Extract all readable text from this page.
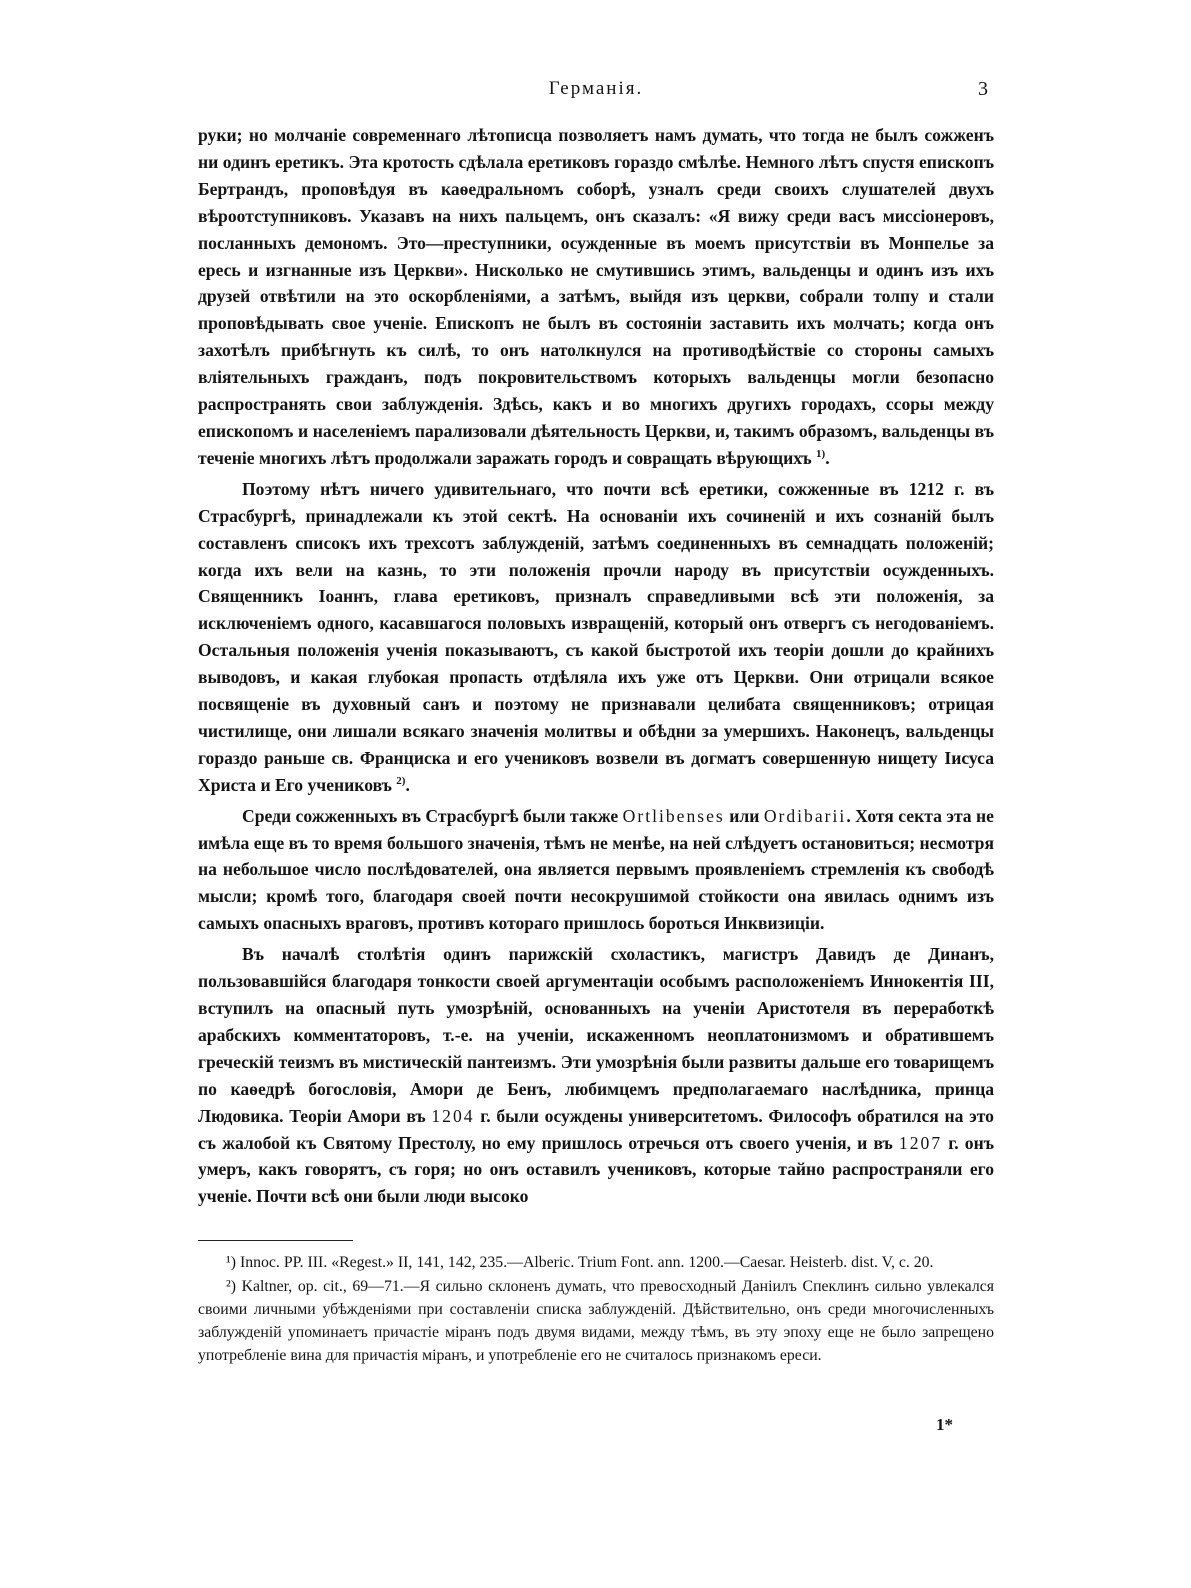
Германія.	3

руки; но молчаніе современнаго лѣтописца позволяетъ намъ думать, что тогда не былъ сожженъ ни одинъ еретикъ. Эта кротость сдѣлала еретиковъ гораздо смѣлѣе. Немного лѣтъ спустя епископъ Бертрандъ, проповѣдуя въ каѳедральномъ соборѣ, узналъ среди своихъ слушателей двухъ вѣроотступниковъ. Указавъ на нихъ пальцемъ, онъ сказалъ: «Я вижу среди васъ миссіонеровъ, посланныхъ демономъ. Это—преступники, осужденные въ моемъ присутствіи въ Монпелье за ересь и изгнанные изъ Церкви». Нисколько не смутившись этимъ, вальденцы и одинъ изъ ихъ друзей отвѣтили на это оскорбленіями, а затѣмъ, выйдя изъ церкви, собрали толпу и стали проповѣдывать свое ученіе. Епископъ не былъ въ состояніи заставить ихъ молчать; когда онъ захотѣлъ прибѣгнуть къ силѣ, то онъ натолкнулся на противодѣйствіе со стороны самыхъ вліятельныхъ гражданъ, подъ покровительствомъ которыхъ вальденцы могли безопасно распространять свои заблужденія. Здѣсь, какъ и во многихъ другихъ городахъ, ссоры между епископомъ и населеніемъ парализовали дѣятельность Церкви, и, такимъ образомъ, вальденцы въ теченіе многихъ лѣтъ продолжали заражать городъ и совращать вѣрующихъ $^{1)}$.

Поэтому нѣтъ ничего удивительнаго, что почти всѣ еретики, сожженные въ 1212 г. въ Страсбургѣ, принадлежали къ этой сектѣ. На основаніи ихъ сочиненій и ихъ сознаній былъ составленъ списокъ ихъ трехсотъ заблужденій, затѣмъ соединенныхъ въ семнадцать положеній; когда ихъ вели на казнь, то эти положенія прочли народу въ присутствіи осужденныхъ. Священникъ Іоаннъ, глава еретиковъ, призналъ справедливыми всѣ эти положенія, за исключеніемъ одного, касавшагося половыхъ извращеній, который онъ отвергъ съ негодованіемъ. Остальныя положенія ученія показываютъ, съ какой быстротой ихъ теоріи дошли до крайнихъ выводовъ, и какая глубокая пропасть отдѣляла ихъ уже отъ Церкви. Они отрицали всякое посвященіе въ духовный санъ и поэтому не признавали целибата священниковъ; отрицая чистилище, они лишали всякаго значенія молитвы и обѣдни за умершихъ. Наконецъ, вальденцы гораздо раньше св. Франциска и его учениковъ возвели въ догматъ совершенную нищету Іисуса Христа и Его учениковъ $^{2)}$.

Среди сожженныхъ въ Страсбургѣ были также Ortlibenses или Ordibarii. Хотя секта эта не имѣла еще въ то время большого значенія, тѣмъ не менѣе, на ней слѣдуетъ остановиться; несмотря на небольшое число послѣдователей, она является первымъ проявленіемъ стремленія къ свободѣ мысли; кромѣ того, благодаря своей почти несокрушимой стойкости она явилась однимъ изъ самыхъ опасныхъ враговъ, противъ котораго пришлось бороться Инквизиціи.

Въ началѣ столѣтія одинъ парижскій схоластикъ, магистръ Давидъ де Динанъ, пользовавшійся благодаря тонкости своей аргументаціи особымъ расположеніемъ Иннокентія III, вступилъ на опасный путь умозрѣній, основанныхъ на ученіи Аристотеля въ переработкѣ арабскихъ комментаторовъ, т.-е. на ученіи, искаженномъ неоплатонизмомъ и обратившемъ греческій теизмъ въ мистическій пантеизмъ. Эти умозрѣнія были развиты дальше его товарищемъ по каѳедрѣ богословія, Амори де Бенъ, любимцемъ предполагаемаго наслѣдника, принца Людовика. Теоріи Амори въ 1204 г. были осуждены университетомъ. Философъ обратился на это съ жалобой къ Святому Престолу, но ему пришлось отречься отъ своего ученія, и въ 1207 г. онъ умеръ, какъ говорятъ, съ горя; но онъ оставилъ учениковъ, которые тайно распространяли его ученіе. Почти всѣ они были люди высоко

¹) Innoc. PP. III. «Regest.» II, 141, 142, 235.—Alberic. Trium Font. ann. 1200.—Caesar. Heisterb. dist. V, c. 20.

²) Kaltner, op. cit., 69—71.—Я сильно склоненъ думать, что превосходный Даніилъ Спеклинъ сильно увлекался своими личными убѣжденіями при составленіи списка заблужденій. Дѣйствительно, онъ среди многочисленныхъ заблужденій упоминаетъ причастіе міранъ подъ двумя видами, между тѣмъ, въ эту эпоху еще не было запрещено употребленіе вина для причастія міранъ, и употребленіе его не считалось признакомъ ереси.

1*
